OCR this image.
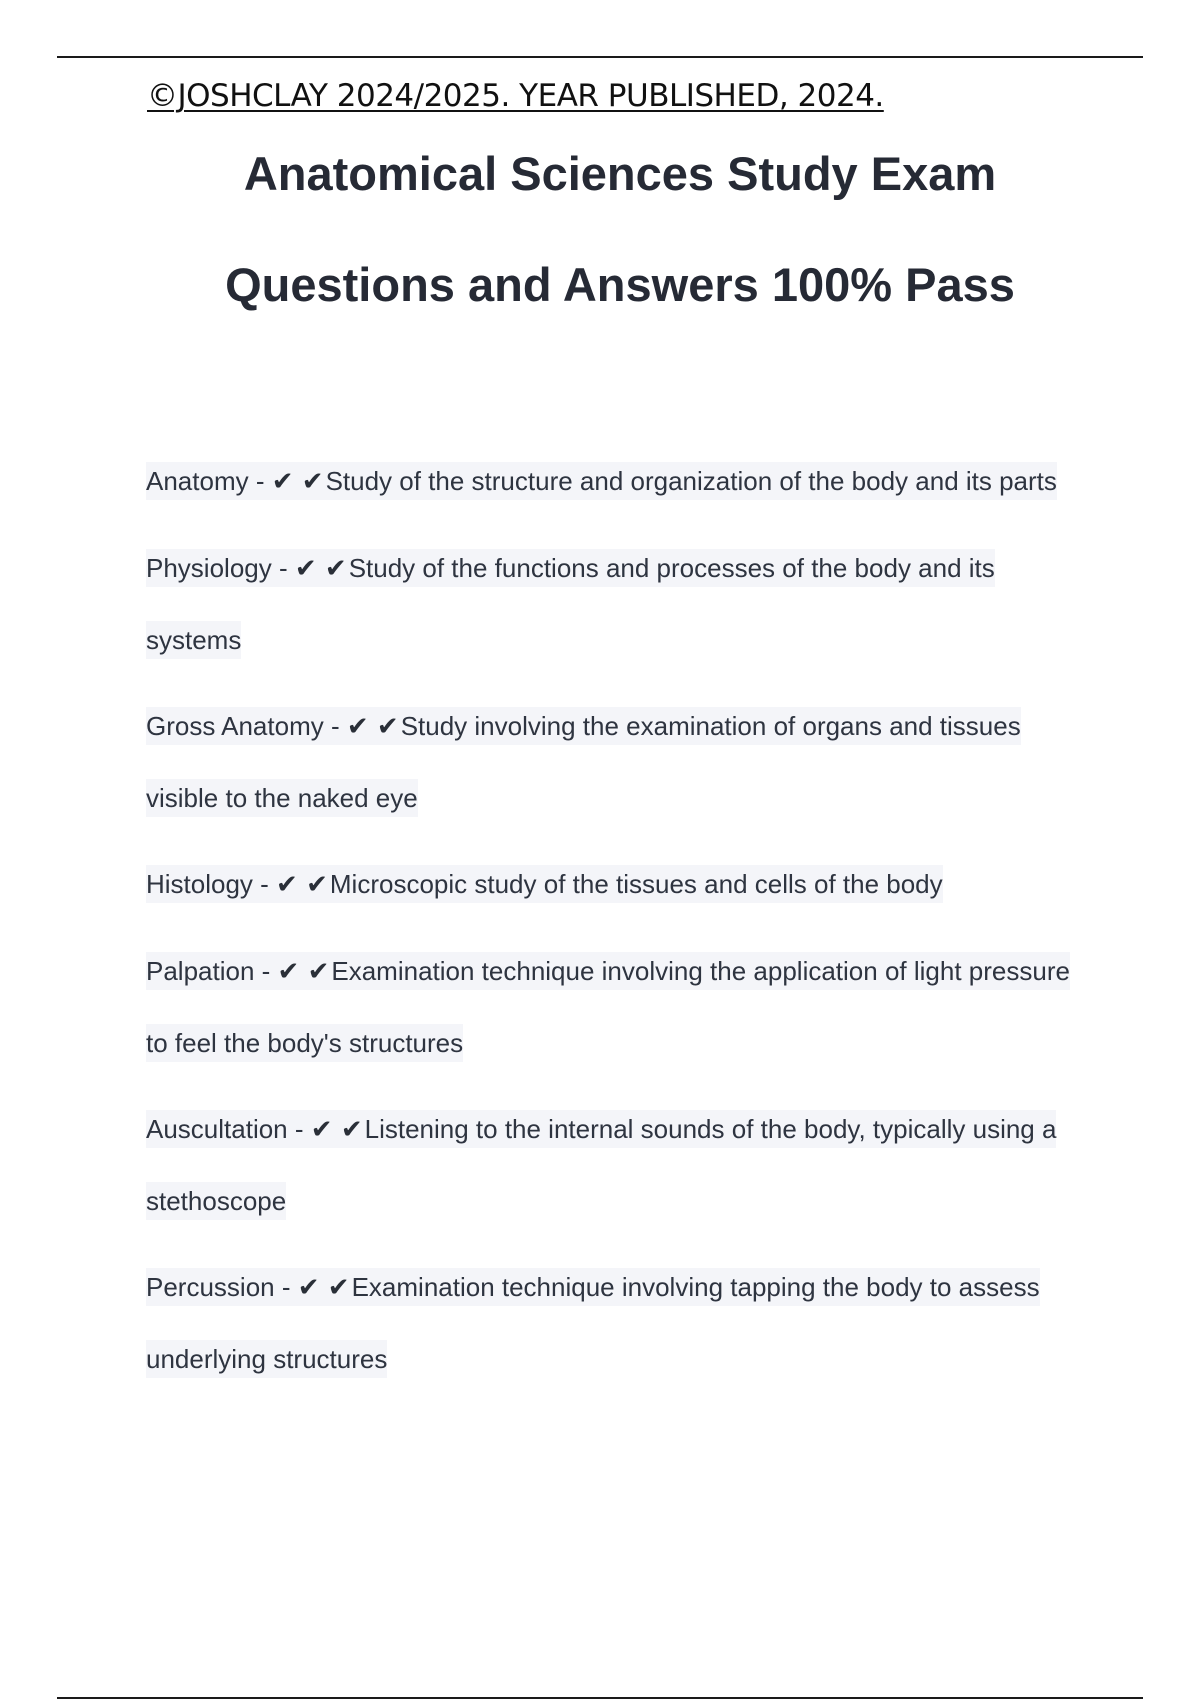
©JOSHCLAY 2024/2025. YEAR PUBLISHED, 2024.
Anatomical Sciences Study Exam
Questions and Answers 100% Pass

Anatomy - ✔ ✔Study of the structure and organization of the body and its parts

Physiology - ✔ ✔Study of the functions and processes of the body and its systems

Gross Anatomy - ✔ ✔Study involving the examination of organs and tissues visible to the naked eye

Histology - ✔ ✔Microscopic study of the tissues and cells of the body

Palpation - ✔ ✔Examination technique involving the application of light pressure to feel the body's structures

Auscultation - ✔ ✔Listening to the internal sounds of the body, typically using a stethoscope

Percussion - ✔ ✔Examination technique involving tapping the body to assess underlying structures
